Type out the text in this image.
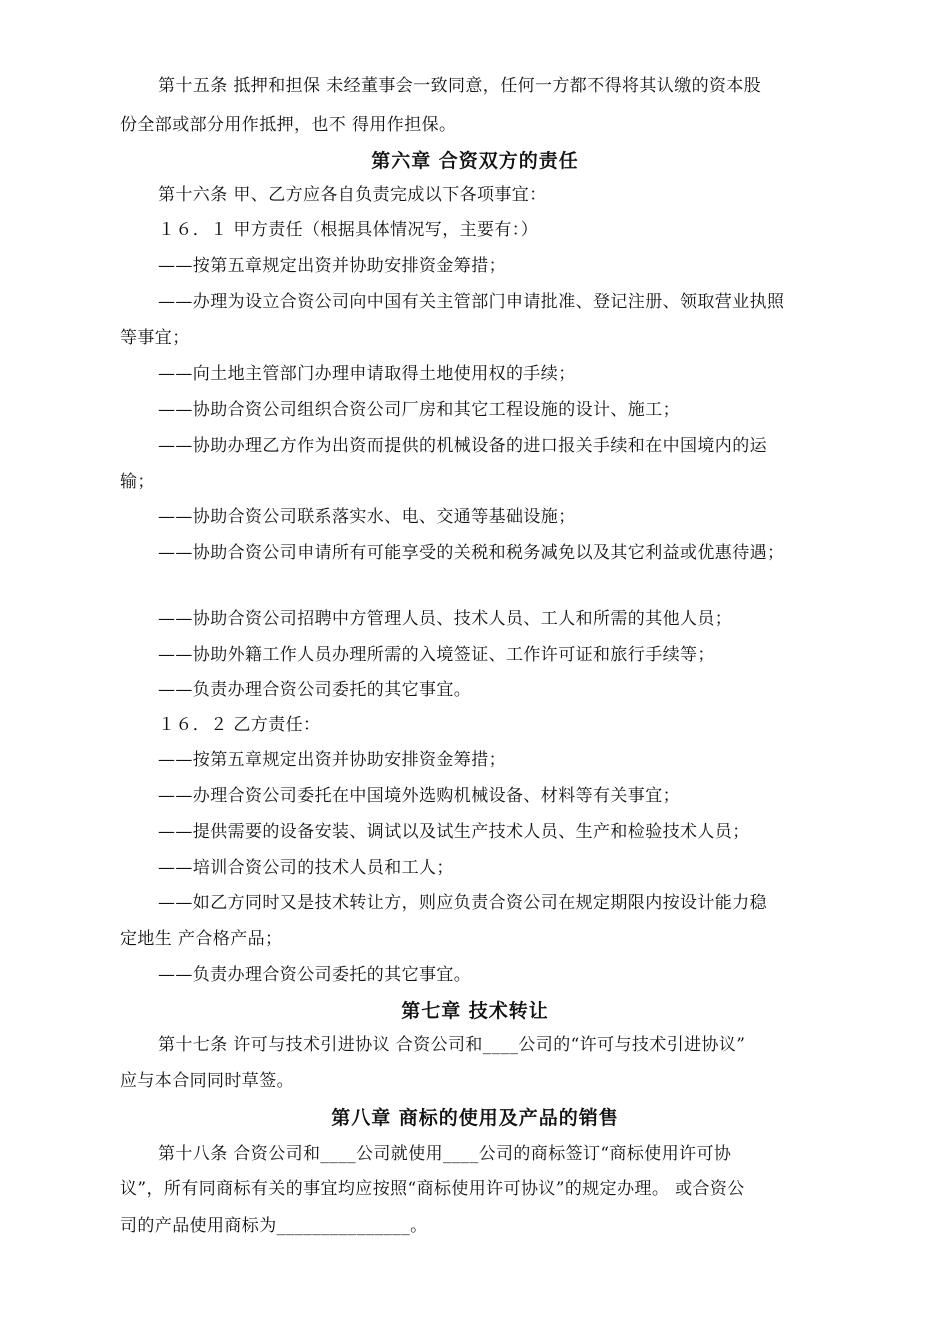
第十五条 抵押和担保 未经董事会一致同意，任何一方都不得将其认缴的资本股
份全部或部分用作抵押，也不 得用作担保。
第六章 合资双方的责任
第十六条 甲、乙方应各自负责完成以下各项事宜：
１６．１ 甲方责任（根据具体情况写，主要有：）
——按第五章规定出资并协助安排资金筹措；
——办理为设立合资公司向中国有关主管部门申请批准、登记注册、领取营业执照
等事宜；
——向土地主管部门办理申请取得土地使用权的手续；
——协助合资公司组织合资公司厂房和其它工程设施的设计、施工；
——协助办理乙方作为出资而提供的机械设备的进口报关手续和在中国境内的运
输；
——协助合资公司联系落实水、电、交通等基础设施；
——协助合资公司申请所有可能享受的关税和税务减免以及其它利益或优惠待遇；
——协助合资公司招聘中方管理人员、技术人员、工人和所需的其他人员；
——协助外籍工作人员办理所需的入境签证、工作许可证和旅行手续等；
——负责办理合资公司委托的其它事宜。
１６．２ 乙方责任：
——按第五章规定出资并协助安排资金筹措；
——办理合资公司委托在中国境外选购机械设备、材料等有关事宜；
——提供需要的设备安装、调试以及试生产技术人员、生产和检验技术人员；
——培训合资公司的技术人员和工人；
——如乙方同时又是技术转让方，则应负责合资公司在规定期限内按设计能力稳
定地生 产合格产品；
——负责办理合资公司委托的其它事宜。
第七章 技术转让
第十七条 许可与技术引进协议 合资公司和____公司的“许可与技术引进协议”
应与本合同同时草签。
第八章 商标的使用及产品的销售
第十八条 合资公司和____公司就使用____公司的商标签订“商标使用许可协
议”，所有同商标有关的事宜均应按照“商标使用许可协议”的规定办理。 或合资公
司的产品使用商标为_______________。
